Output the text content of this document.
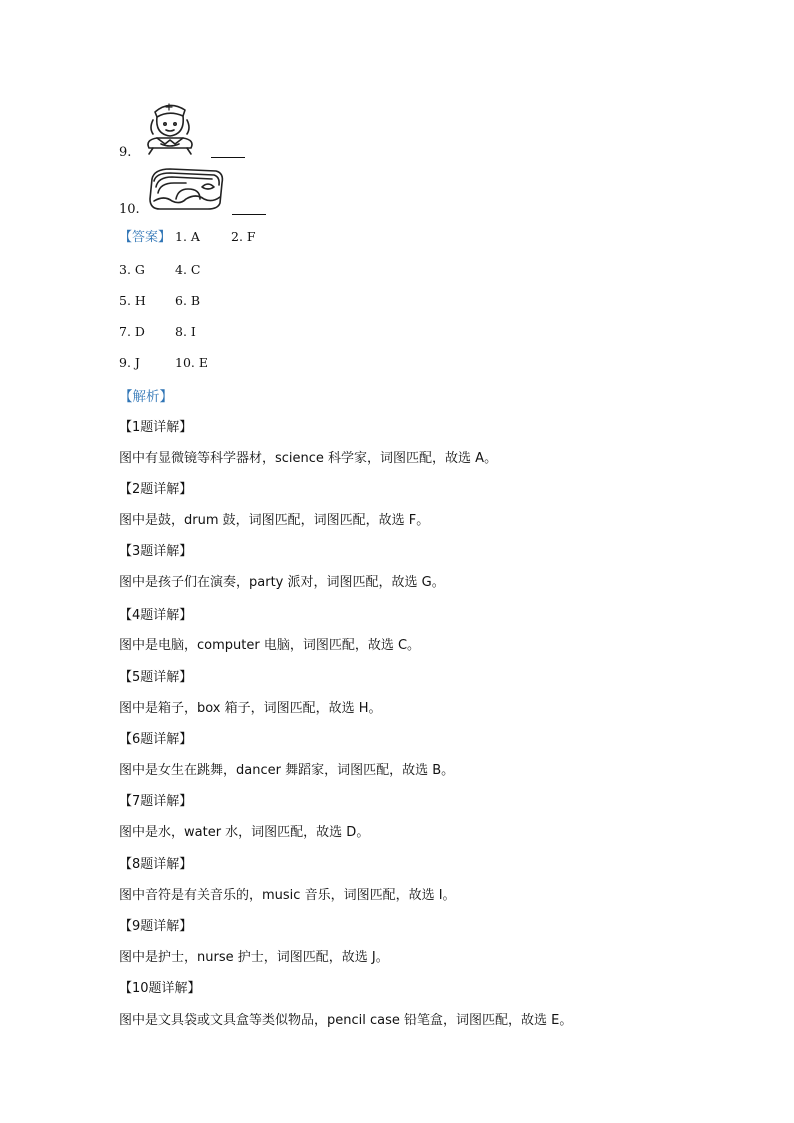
9.
10.
【答案】 1. A 2. F
3. G 4. C
5. H 6. B
7. D 8. I
9. J	10. E
【解析】
【1题详解】
图中有显微镜等科学器材，science 科学家，词图匹配，故选 A。
【2题详解】
图中是鼓，drum 鼓，词图匹配，词图匹配，故选 F。
【3题详解】
图中是孩子们在演奏，party 派对，词图匹配，故选 G。
【4题详解】
图中是电脑，computer 电脑，词图匹配，故选 C。
【5题详解】
图中是箱子，box 箱子，词图匹配，故选 H。
【6题详解】
图中是女生在跳舞，dancer 舞蹈家，词图匹配，故选 B。
【7题详解】
图中是水，water 水，词图匹配，故选 D。
【8题详解】
图中音符是有关音乐的，music 音乐，词图匹配，故选 I。
【9题详解】
图中是护士，nurse 护士，词图匹配，故选 J。
【10题详解】
图中是文具袋或文具盒等类似物品，pencil case 铅笔盒，词图匹配，故选 E。
